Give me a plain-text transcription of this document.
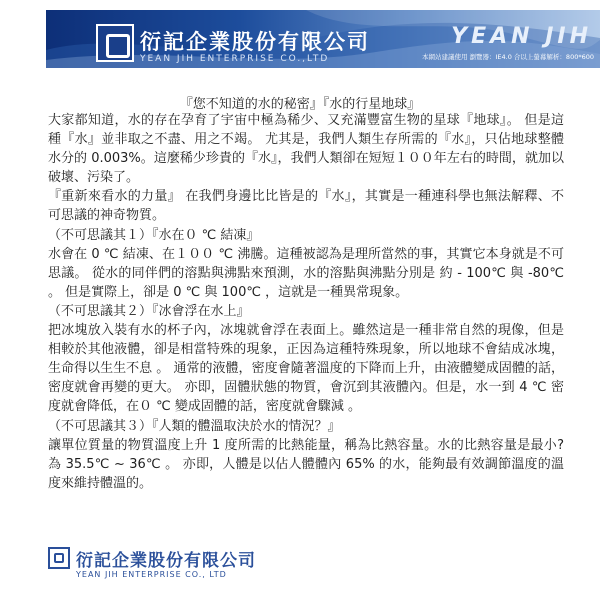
衍記企業股份有限公司
YEAN JIH ENTERPRISE CO.,LTD
YEAN JIH
本網站建議使用 瀏覽器：IE4.0 合以上螢幕解析：800*600
『您不知道的水的秘密』『水的行星地球』

大家都知道，水的存在孕育了宇宙中極為稀少、又充滿豐富生物的星球『地球』。 但是這種『水』並非取之不盡、用之不竭。 尤其是，我們人類生存所需的『水』，只佔地球整體水分的 0.003%。這麼稀少珍貴的『水』，我們人類卻在短短１００年左右的時間，就加以破壞、污染了。

『重新來看水的力量』 在我們身邊比比皆是的『水』，其實是一種連科學也無法解釋、不可思議的神奇物質。

（不可思議其１）『水在０ ℃ 結凍』

水會在 0 ℃ 結凍、在１００ ℃ 沸騰。這種被認為是理所當然的事，其實它本身就是不可思議。 從水的同伴們的溶點與沸點來預測，水的溶點與沸點分別是 約 - 100℃ 與 -80℃ 。 但是實際上，卻是 0 ℃ 與 100℃ ，這就是一種異常現象。

（不可思議其２）『冰會浮在水上』

把冰塊放入裝有水的杯子內，冰塊就會浮在表面上。雖然這是一種非常自然的現像，但是相較於其他液體，卻是相當特殊的現象，正因為這種特殊現象，所以地球不會結成冰塊，生命得以生生不息 。 通常的液體，密度會隨著溫度的下降而上升，由液體變成固體的話，密度就會再變的更大。 亦即，固體狀態的物質，會沉到其液體內。但是，水一到 4 ℃ 密度就會降低，在０ ℃ 變成固體的話，密度就會驟減 。

（不可思議其３）『人類的體溫取決於水的情況？』

讓單位質量的物質溫度上升 1 度所需的比熱能量，稱為比熱容量。水的比熱容量是最小? 為 35.5℃ ~ 36℃ 。 亦即，人體是以佔人體體內 65% 的水，能夠最有效調節溫度的溫度來維持體溫的。

衍記企業股份有限公司
YEAN JIH ENTERPRISE CO., LTD
